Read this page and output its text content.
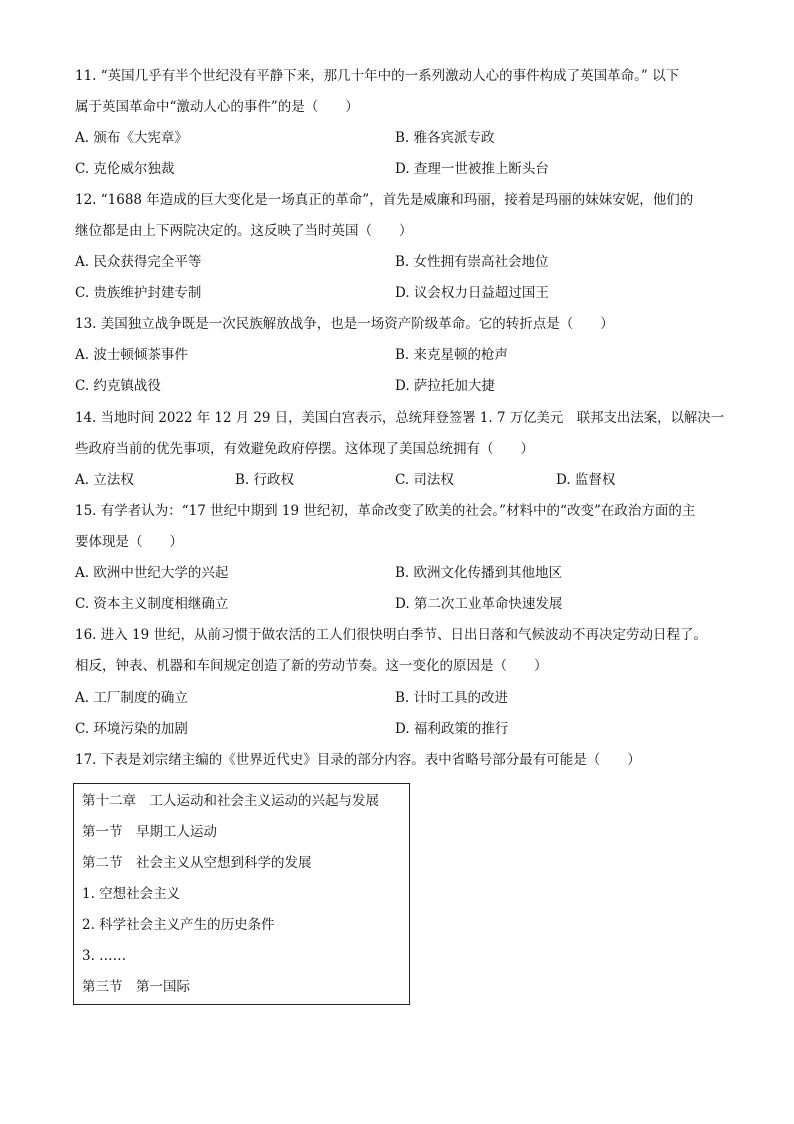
11. “英国几乎有半个世纪没有平静下来，那几十年中的一系列激动人心的事件构成了英国革命。” 以下
属于英国革命中“激动人心的事件”的是（　　）
A. 颁布《大宪章》	B. 雅各宾派专政
C. 克伦威尔独裁	D. 查理一世被推上断头台
12. “1688 年造成的巨大变化是一场真正的革命”，首先是威廉和玛丽，接着是玛丽的妹妹安妮，他们的
继位都是由上下两院决定的。这反映了当时英国（　　）
A. 民众获得完全平等	B. 女性拥有崇高社会地位
C. 贵族维护封建专制	D. 议会权力日益超过国王
13. 美国独立战争既是一次民族解放战争，也是一场资产阶级革命。它的转折点是（　　）
A. 波士顿倾茶事件	B. 来克星顿的枪声
C. 约克镇战役	D. 萨拉托加大捷
14. 当地时间 2022 年 12 月 29 日，美国白宫表示，总统拜登签署 1. 7 万亿美元　联邦支出法案，以解决一
些政府当前的优先事项，有效避免政府停摆。这体现了美国总统拥有（　　）
A. 立法权	B. 行政权	C. 司法权	D. 监督权
15. 有学者认为：“17 世纪中期到 19 世纪初，革命改变了欧美的社会。”材料中的“改变”在政治方面的主
要体现是（　　）
A. 欧洲中世纪大学的兴起	B. 欧洲文化传播到其他地区
C. 资本主义制度相继确立	D. 第二次工业革命快速发展
16. 进入 19 世纪，从前习惯于做农活的工人们很快明白季节、日出日落和气候波动不再决定劳动日程了。
相反，钟表、机器和车间规定创造了新的劳动节奏。这一变化的原因是（　　）
A. 工厂制度的确立	B. 计时工具的改进
C. 环境污染的加剧	D. 福利政策的推行
17. 下表是刘宗绪主编的《世界近代史》目录的部分内容。表中省略号部分最有可能是（　　）
第十二章　工人运动和社会主义运动的兴起与发展
第一节　早期工人运动
第二节　社会主义从空想到科学的发展
1. 空想社会主义
2. 科学社会主义产生的历史条件
3. ……
第三节　第一国际
